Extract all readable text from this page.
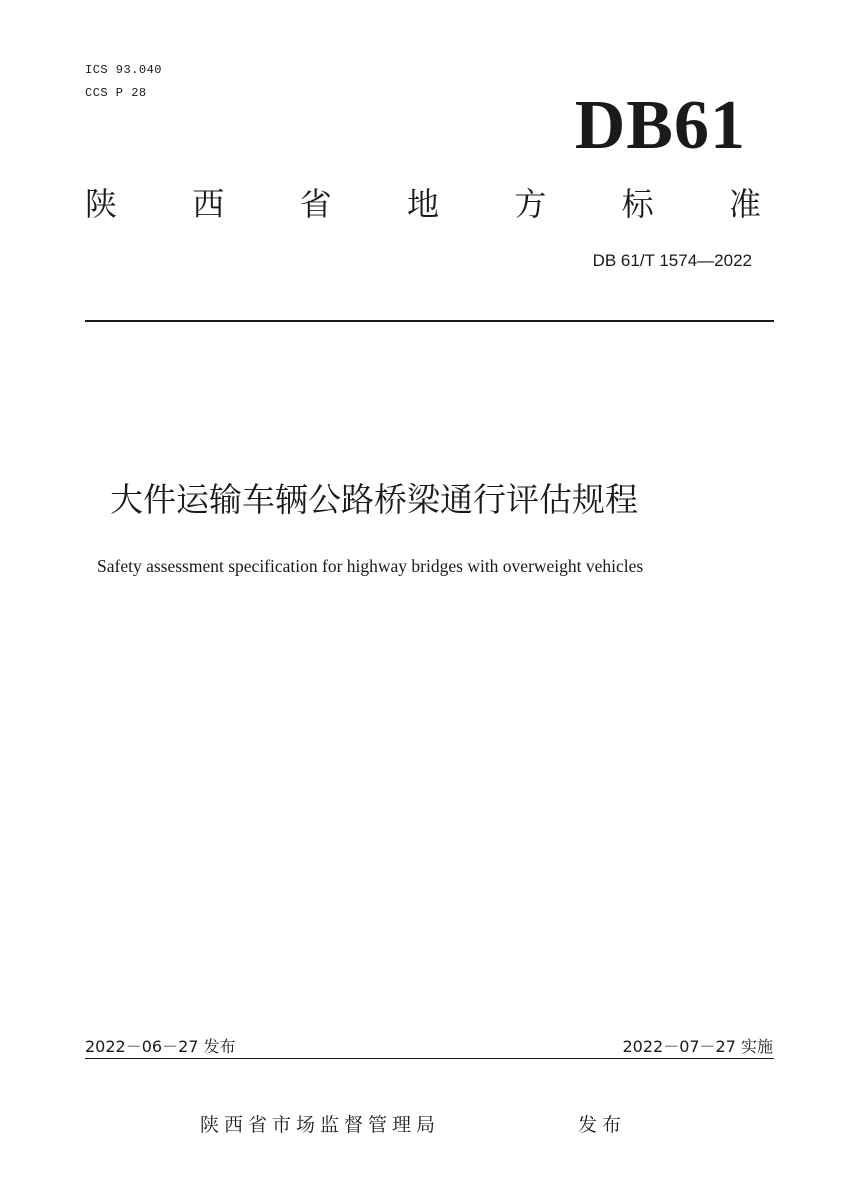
ICS 93.040
CCS P 28	DB61
陕 西 省 地 方 标 准
DB 61/T 1574—2022
大件运输车辆公路桥梁通行评估规程
Safety assessment specification for highway bridges with overweight vehicles
2022－06－27 发布	2022－07－27 实施
陕西省市场监督管理局	发布
